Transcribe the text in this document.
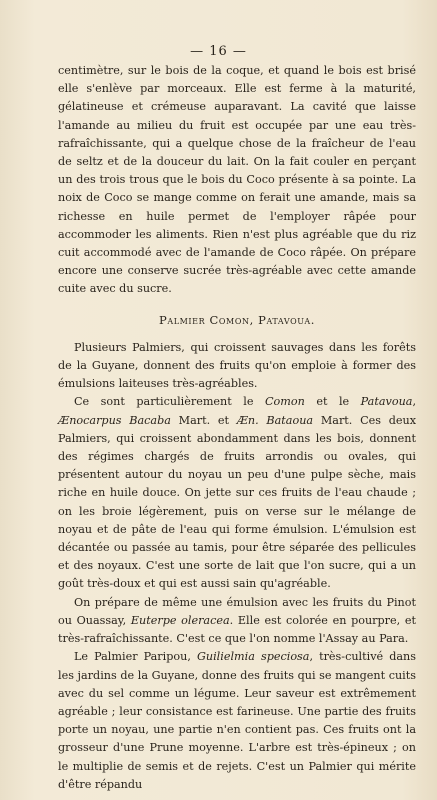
— 16 —

centimètre, sur le bois de la coque, et quand le bois est brisé elle s'enlève par morceaux. Elle est ferme à la maturité, gélatineuse et crémeuse auparavant. La cavité que laisse l'amande au milieu du fruit est occupée par une eau très-rafraîchissante, qui a quelque chose de la fraîcheur de l'eau de seltz et de la douceur du lait. On la fait couler en perçant un des trois trous que le bois du Coco présente à sa pointe. La noix de Coco se mange comme on ferait une amande, mais sa richesse en huile permet de l'employer râpée pour accommoder les aliments. Rien n'est plus agréable que du riz cuit accommodé avec de l'amande de Coco râpée. On prépare encore une conserve sucrée très-agréable avec cette amande cuite avec du sucre.

Palmier Comon, Patavoua.

Plusieurs Palmiers, qui croissent sauvages dans les forêts de la Guyane, donnent des fruits qu'on emploie à former des émulsions laiteuses très-agréables.

Ce sont particulièrement le Comon et le Patavoua, Ænocarpus Bacaba Mart. et Æn. Bataoua Mart. Ces deux Palmiers, qui croissent abondamment dans les bois, donnent des régimes chargés de fruits arrondis ou ovales, qui présentent autour du noyau un peu d'une pulpe sèche, mais riche en huile douce. On jette sur ces fruits de l'eau chaude ; on les broie légèrement, puis on verse sur le mélange de noyau et de pâte de l'eau qui forme émulsion. L'émulsion est décantée ou passée au tamis, pour être séparée des pellicules et des noyaux. C'est une sorte de lait que l'on sucre, qui a un goût très-doux et qui est aussi sain qu'agréable.

On prépare de même une émulsion avec les fruits du Pinot ou Ouassay, Euterpe oleracea. Elle est colorée en pourpre, et très-rafraîchissante. C'est ce que l'on nomme l'Assay au Para.

Le Palmier Paripou, Guilielmia speciosa, très-cultivé dans les jardins de la Guyane, donne des fruits qui se mangent cuits avec du sel comme un légume. Leur saveur est extrêmement agréable ; leur consistance est farineuse. Une partie des fruits porte un noyau, une partie n'en contient pas. Ces fruits ont la grosseur d'une Prune moyenne. L'arbre est très-épineux ; on le multiplie de semis et de rejets. C'est un Palmier qui mérite d'être répandu
